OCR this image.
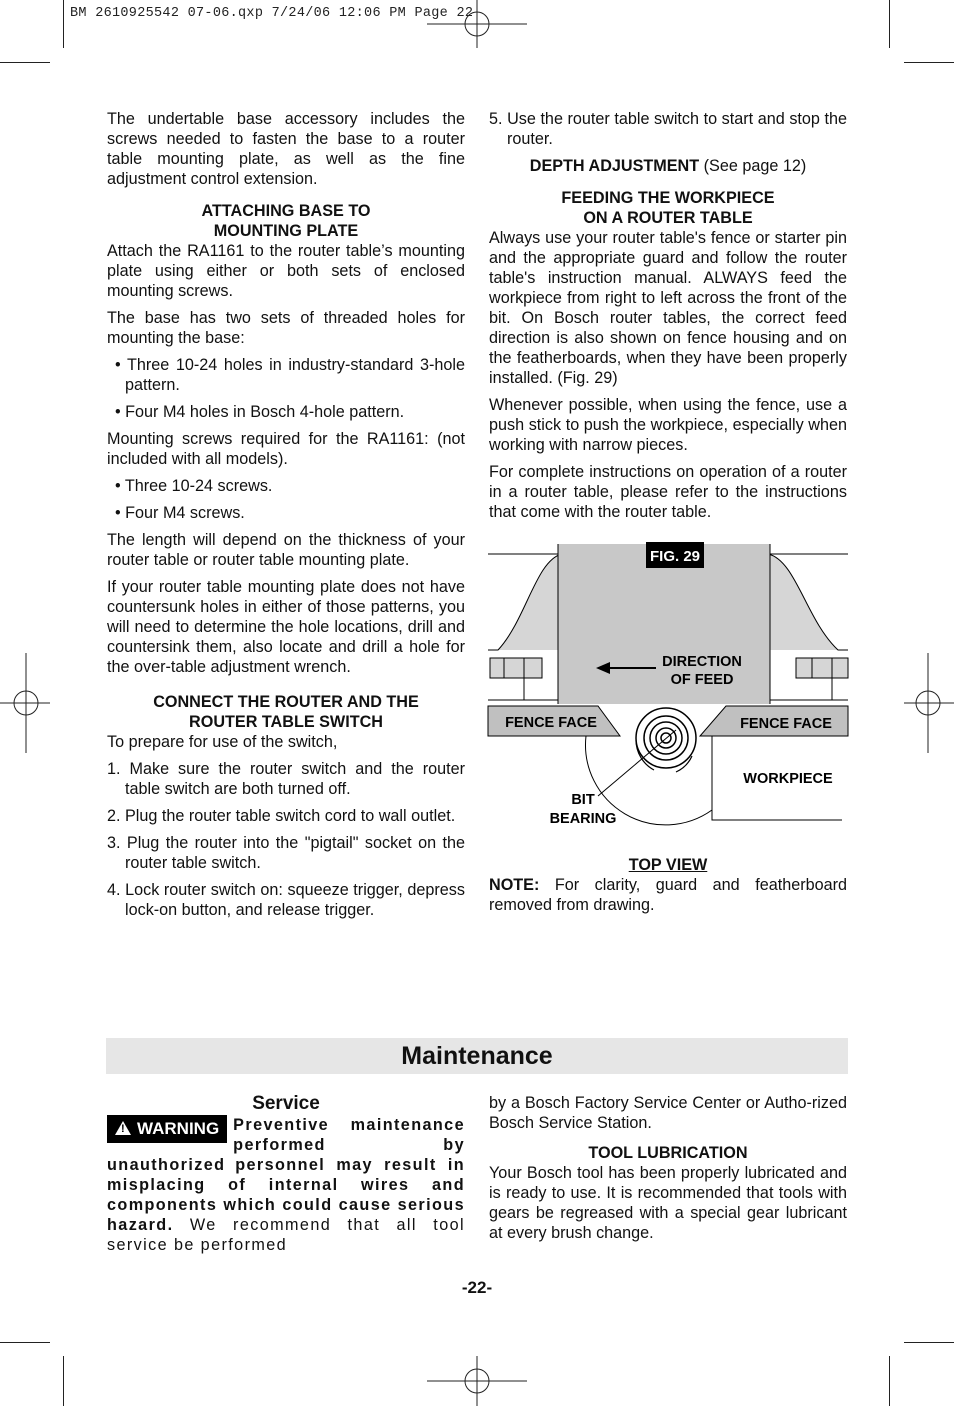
BM 2610925542 07-06.qxp 7/24/06 12:06 PM Page 22

The undertable base accessory includes the screws needed to fasten the base to a router table mounting plate, as well as the fine adjustment control extension.

ATTACHING BASE TO
MOUNTING PLATE

Attach the RA1161 to the router table’s mounting plate using either or both sets of enclosed mounting screws.

The base has two sets of threaded holes for mounting the base:

• Three 10-24 holes in industry-standard 3-hole pattern.

• Four M4 holes in Bosch 4-hole pattern.

Mounting screws required for the RA1161: (not included with all models).

• Three 10-24 screws.

• Four M4 screws.

The length will depend on the thickness of your router table or router table mounting plate.

If your router table mounting plate does not have countersunk holes in either of those patterns, you will need to determine the hole locations, drill and countersink them, also locate and drill a hole for the over-table adjustment wrench.

CONNECT THE ROUTER AND THE
ROUTER TABLE SWITCH

To prepare for use of the switch,

1. Make sure the router switch and the router table switch are both turned off.

2. Plug the router table switch cord to wall outlet.

3. Plug the router into the "pigtail" socket on the router table switch.

4. Lock router switch on: squeeze trigger, depress lock-on button, and release trigger.

5. Use the router table switch to start and stop the router.

DEPTH ADJUSTMENT (See page 12)

FEEDING THE WORKPIECE
ON A ROUTER TABLE

Always use your router table's fence or starter pin and the appropriate guard and follow the router table's instruction manual. ALWAYS feed the workpiece from right to left across the front of the bit. On Bosch router tables, the correct feed direction is also shown on fence housing and on the featherboards, when they have been properly installed. (Fig. 29)

Whenever possible, when using the fence, use a push stick to push the workpiece, especially when working with narrow pieces.

For complete instructions on operation of a router in a router table, please refer to the instructions that come with the router table.

FIG. 29
DIRECTION
OF FEED
FENCE FACE	FENCE FACE
WORKPIECE
BIT
BEARING

TOP VIEW

NOTE: For clarity, guard and featherboard removed from drawing.

Maintenance
Service
! WARNING Preventive maintenance performed by unauthorized personnel may result in misplacing of internal wires and components which could cause serious hazard. We recommend that all tool service be performed

by a Bosch Factory Service Center or Autho-rized Bosch Service Station.

TOOL LUBRICATION

Your Bosch tool has been properly lubricated and is ready to use. It is recommended that tools with gears be regreased with a special gear lubricant at every brush change.

-22-
